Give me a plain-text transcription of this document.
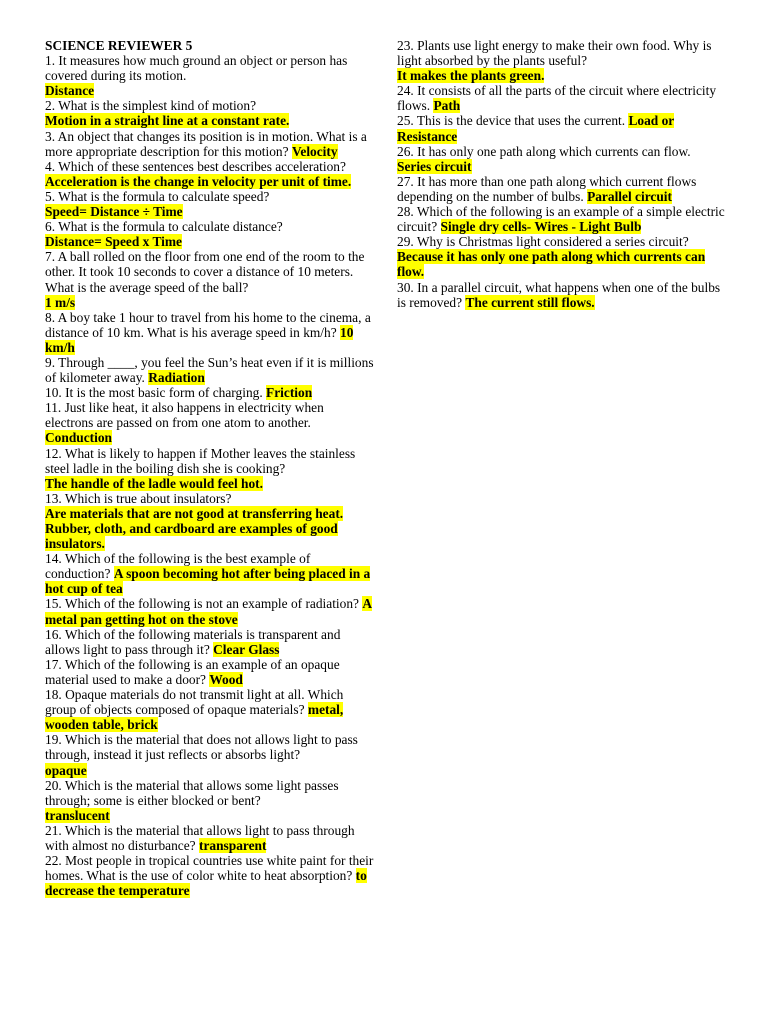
SCIENCE REVIEWER 5
1. It measures how much ground an object or person has covered during its motion.
Distance
2. What is the simplest kind of motion?
Motion in a straight line at a constant rate.
3. An object that changes its position is in motion. What is a more appropriate description for this motion? Velocity
4. Which of these sentences best describes acceleration? Acceleration is the change in velocity per unit of time.
5. What is the formula to calculate speed?
Speed= Distance ÷ Time
6. What is the formula to calculate distance?
Distance= Speed x Time
7. A ball rolled on the floor from one end of the room to the other. It took 10 seconds to cover a distance of 10 meters. What is the average speed of the ball?
1 m/s
8. A boy take 1 hour to travel from his home to the cinema, a distance of 10 km. What is his average speed in km/h? 10 km/h
9. Through ____, you feel the Sun’s heat even if it is millions of kilometer away. Radiation
10. It is the most basic form of charging. Friction
11. Just like heat, it also happens in electricity when electrons are passed on from one atom to another.
Conduction
12. What is likely to happen if Mother leaves the stainless steel ladle in the boiling dish she is cooking?
The handle of the ladle would feel hot.
13. Which is true about insulators?
Are materials that are not good at transferring heat.
Rubber, cloth, and cardboard are examples of good insulators.
14. Which of the following is the best example of conduction? A spoon becoming hot after being placed in a hot cup of tea
15. Which of the following is not an example of radiation? A metal pan getting hot on the stove
16. Which of the following materials is transparent and allows light to pass through it? Clear Glass
17. Which of the following is an example of an opaque material used to make a door? Wood
18. Opaque materials do not transmit light at all. Which group of objects composed of opaque materials? metal, wooden table, brick
19. Which is the material that does not allows light to pass through, instead it just reflects or absorbs light?
opaque
20. Which is the material that allows some light passes through; some is either blocked or bent?
translucent
21. Which is the material that allows light to pass through with almost no disturbance? transparent
22. Most people in tropical countries use white paint for their homes. What is the use of color white to heat absorption? to decrease the temperature
23. Plants use light energy to make their own food. Why is light absorbed by the plants useful?
It makes the plants green.
24. It consists of all the parts of the circuit where electricity flows. Path
25. This is the device that uses the current. Load or Resistance
26. It has only one path along which currents can flow. Series circuit
27. It has more than one path along which current flows depending on the number of bulbs. Parallel circuit
28. Which of the following is an example of a simple electric circuit? Single dry cells- Wires - Light Bulb
29. Why is Christmas light considered a series circuit?
Because it has only one path along which currents can flow.
30. In a parallel circuit, what happens when one of the bulbs is removed? The current still flows.
